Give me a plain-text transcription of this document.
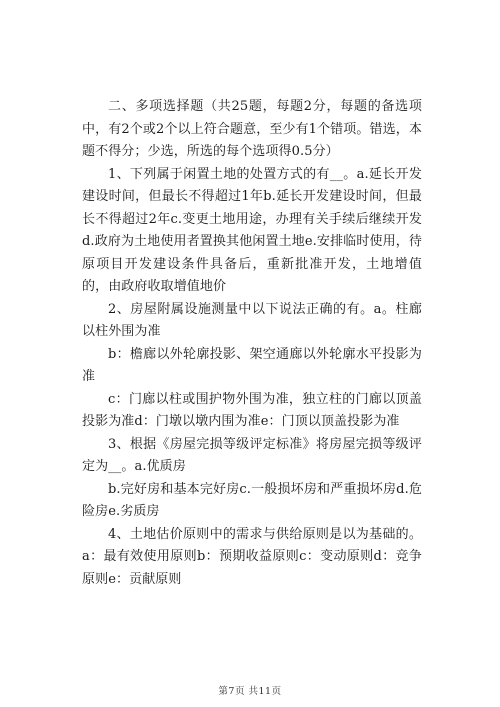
二、多项选择题（共25题，每题2分，每题的备选项中，有2个或2个以上符合题意，至少有1个错项。错选，本题不得分；少选，所选的每个选项得0.5分）

1、下列属于闲置土地的处置方式的有__。a.延长开发建设时间，但最长不得超过1年b.延长开发建设时间，但最长不得超过2年c.变更土地用途，办理有关手续后继续开发d.政府为土地使用者置换其他闲置土地e.安排临时使用，待原项目开发建设条件具备后，重新批准开发，土地增值的，由政府收取增值地价

2、房屋附属设施测量中以下说法正确的有。a。柱廊以柱外围为准

b：檐廊以外轮廓投影、架空通廊以外轮廓水平投影为准

c：门廊以柱或围护物外围为准，独立柱的门廊以顶盖投影为准d：门墩以墩内围为准e：门顶以顶盖投影为准

3、根据《房屋完损等级评定标准》将房屋完损等级评定为__。a.优质房

b.完好房和基本完好房c.一般损坏房和严重损坏房d.危险房e.劣质房

4、土地估价原则中的需求与供给原则是以为基础的。a：最有效使用原则b：预期收益原则c：变动原则d：竞争原则e：贡献原则

第7页 共11页
